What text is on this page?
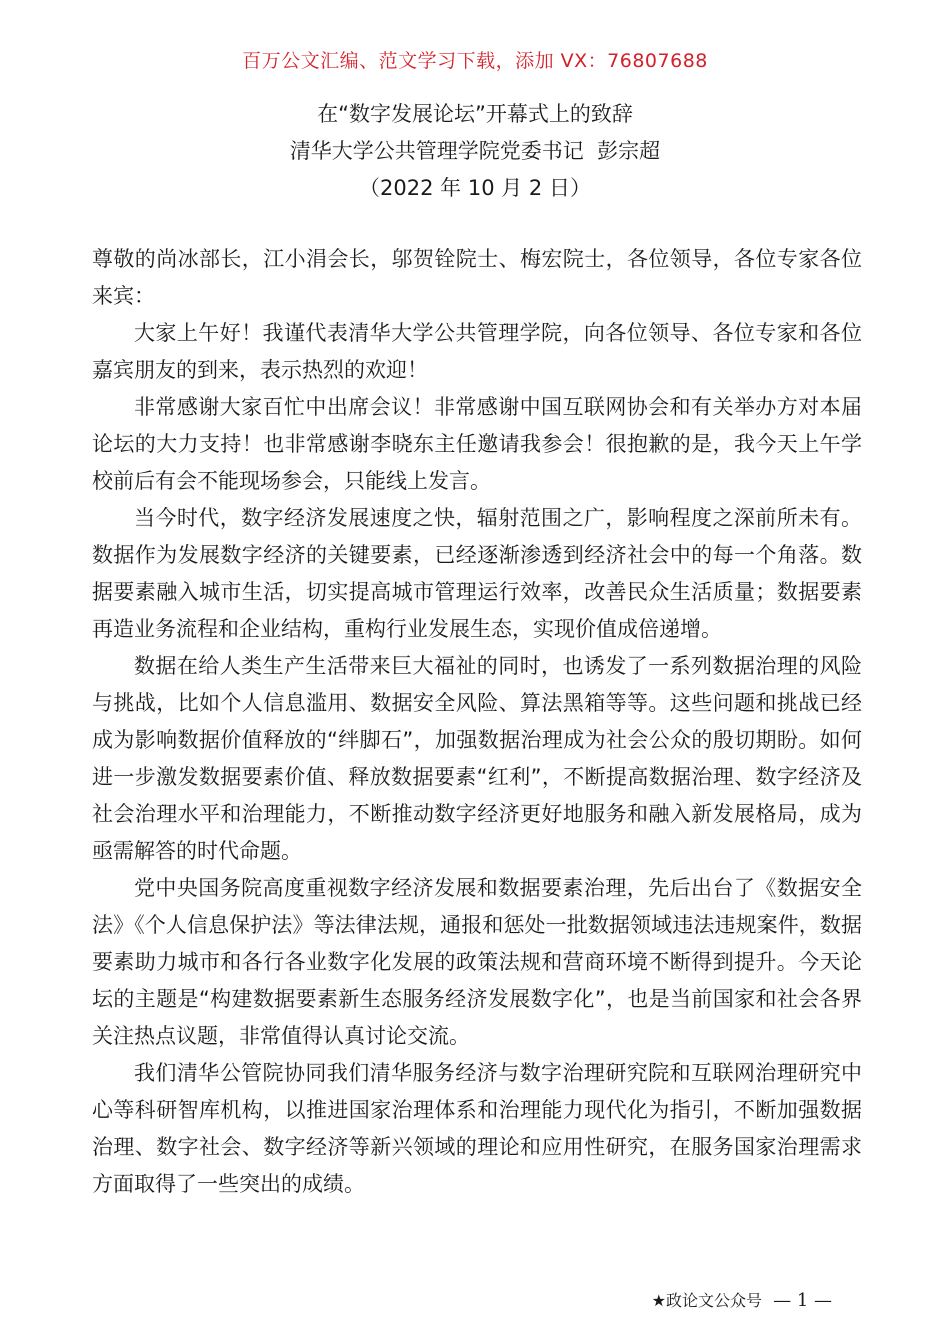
百万公文汇编、范文学习下载，添加 VX：76807688
在“数字发展论坛”开幕式上的致辞
清华大学公共管理学院党委书记  彭宗超
（2022 年 10 月 2 日）

尊敬的尚冰部长，江小涓会长，邬贺铨院士、梅宏院士，各位领导，各位专家各位来宾：

大家上午好！我谨代表清华大学公共管理学院，向各位领导、各位专家和各位嘉宾朋友的到来，表示热烈的欢迎！

非常感谢大家百忙中出席会议！非常感谢中国互联网协会和有关举办方对本届论坛的大力支持！也非常感谢李晓东主任邀请我参会！很抱歉的是，我今天上午学校前后有会不能现场参会，只能线上发言。

当今时代，数字经济发展速度之快，辐射范围之广，影响程度之深前所未有。数据作为发展数字经济的关键要素，已经逐渐渗透到经济社会中的每一个角落。数据要素融入城市生活，切实提高城市管理运行效率，改善民众生活质量；数据要素再造业务流程和企业结构，重构行业发展生态，实现价值成倍递增。

数据在给人类生产生活带来巨大福祉的同时，也诱发了一系列数据治理的风险与挑战，比如个人信息滥用、数据安全风险、算法黑箱等等。这些问题和挑战已经成为影响数据价值释放的“绊脚石”，加强数据治理成为社会公众的殷切期盼。如何进一步激发数据要素价值、释放数据要素“红利”，不断提高数据治理、数字经济及社会治理水平和治理能力，不断推动数字经济更好地服务和融入新发展格局，成为亟需解答的时代命题。

党中央国务院高度重视数字经济发展和数据要素治理，先后出台了《数据安全法》《个人信息保护法》等法律法规，通报和惩处一批数据领域违法违规案件，数据要素助力城市和各行各业数字化发展的政策法规和营商环境不断得到提升。今天论坛的主题是“构建数据要素新生态服务经济发展数字化”，也是当前国家和社会各界关注热点议题，非常值得认真讨论交流。

我们清华公管院协同我们清华服务经济与数字治理研究院和互联网治理研究中心等科研智库机构，以推进国家治理体系和治理能力现代化为指引，不断加强数据治理、数字社会、数字经济等新兴领域的理论和应用性研究，在服务国家治理需求方面取得了一些突出的成绩。

★政论文公众号 — 1 —
